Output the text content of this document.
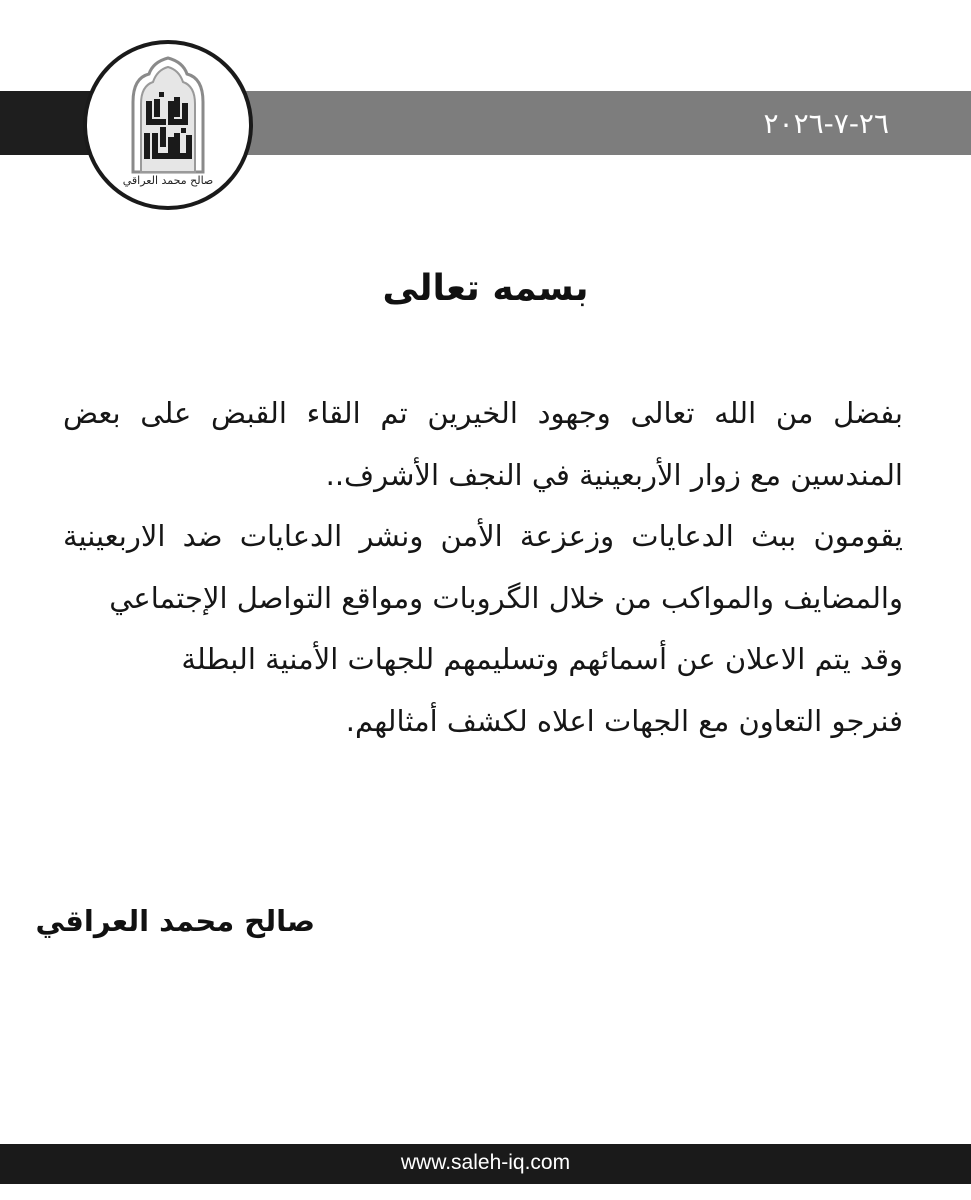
٢٦-٧-٢٠٢٦
صالح محمد العراقي
بسمه تعالى

بفضل من الله تعالى وجهود الخيرين تم القاء القبض على بعض المندسين مع زوار الأربعينية في النجف الأشرف..

يقومون ببث الدعايات وزعزعة الأمن ونشر الدعايات ضد الاربعينية والمضايف والمواكب من خلال الگروبات ومواقع التواصل الإجتماعي

وقد يتم الاعلان عن أسمائهم وتسليمهم للجهات الأمنية البطلة

فنرجو التعاون مع الجهات اعلاه لكشف أمثالهم.

صالح محمد العراقي
www.saleh-iq.com
